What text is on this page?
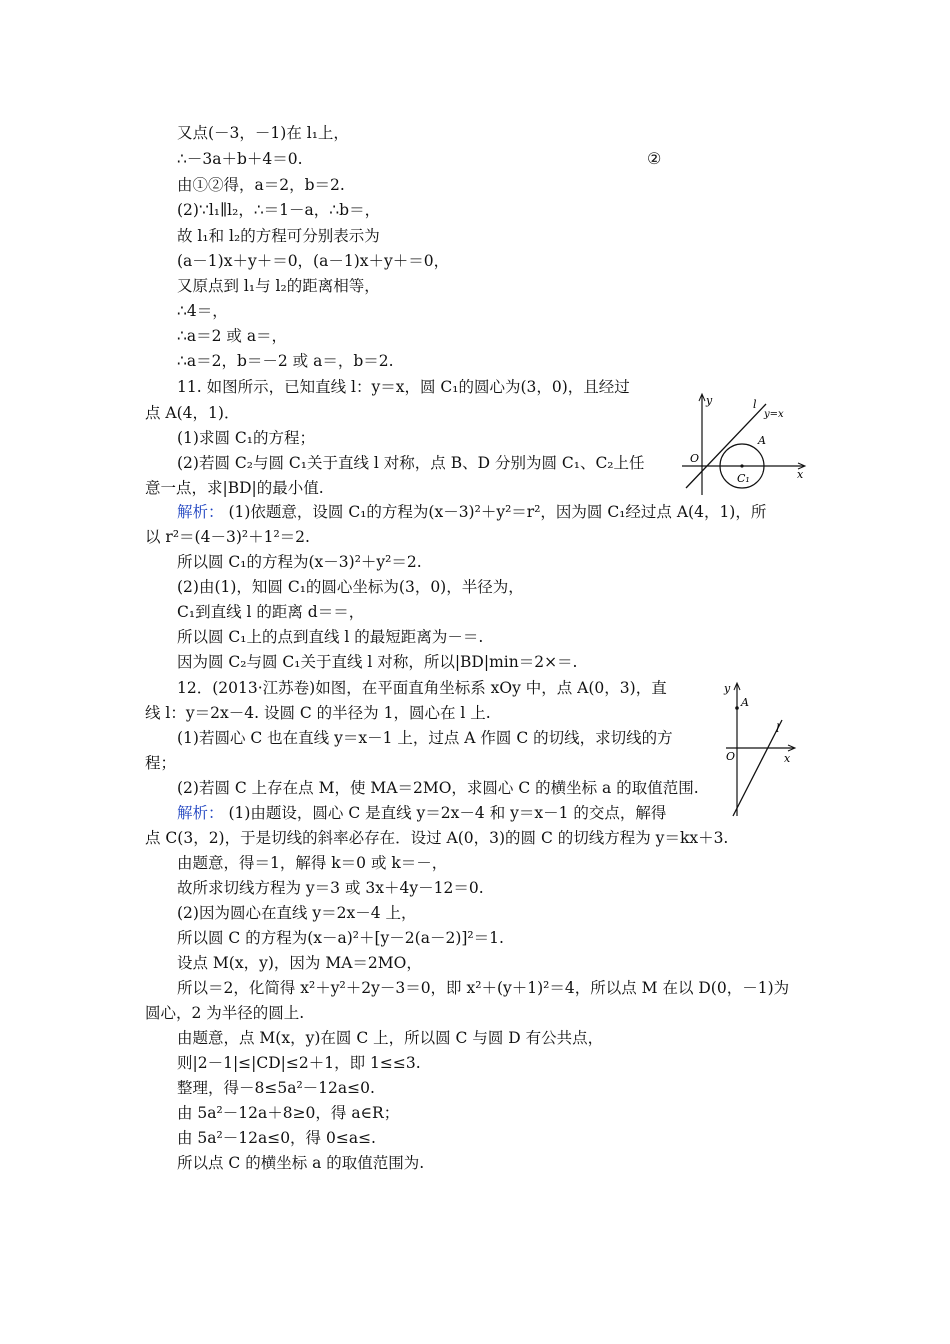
又点(－3，－1)在 l₁上，
∴－3a＋b＋4＝0.	②
由①②得，a＝2，b＝2.
(2)∵l₁∥l₂，∴＝1－a，∴b＝，
故 l₁和 l₂的方程可分别表示为
(a－1)x＋y＋＝0，(a－1)x＋y＋＝0，
又原点到 l₁与 l₂的距离相等，
∴4＝，
∴a＝2 或 a＝，
∴a＝2，b＝－2 或 a＝，b＝2.
11. 如图所示，已知直线 l：y＝x，圆 C₁的圆心为(3，0)，且经过
点 A(4，1)．
(1)求圆 C₁的方程；
(2)若圆 C₂与圆 C₁关于直线 l 对称，点 B、D 分别为圆 C₁、C₂上任
意一点，求|BD|的最小值.
解析： (1)依题意，设圆 C₁的方程为(x－3)²＋y²＝r²，因为圆 C₁经过点 A(4，1)，所
以 r²＝(4－3)²＋1²＝2.
所以圆 C₁的方程为(x－3)²＋y²＝2.
(2)由(1)，知圆 C₁的圆心坐标为(3，0)，半径为，
C₁到直线 l 的距离 d＝＝，
所以圆 C₁上的点到直线 l 的最短距离为－＝.
因为圆 C₂与圆 C₁关于直线 l 对称，所以|BD|min＝2×＝.
12．(2013·江苏卷)如图，在平面直角坐标系 xOy 中，点 A(0，3)，直
线 l：y＝2x－4. 设圆 C 的半径为 1，圆心在 l 上.
(1)若圆心 C 也在直线 y＝x－1 上，过点 A 作圆 C 的切线，求切线的方
程；
(2)若圆 C 上存在点 M，使 MA＝2MO，求圆心 C 的横坐标 a 的取值范围.
解析： (1)由题设，圆心 C 是直线 y＝2x－4 和 y＝x－1 的交点，解得
点 C(3，2)，于是切线的斜率必存在．设过 A(0，3)的圆 C 的切线方程为 y＝kx＋3.
由题意，得＝1，解得 k＝0 或 k＝－，
故所求切线方程为 y＝3 或 3x＋4y－12＝0.
(2)因为圆心在直线 y＝2x－4 上，
所以圆 C 的方程为(x－a)²＋[y－2(a－2)]²＝1.
设点 M(x，y)，因为 MA＝2MO，
所以＝2，化简得 x²＋y²＋2y－3＝0，即 x²＋(y＋1)²＝4，所以点 M 在以 D(0，－1)为
圆心，2 为半径的圆上.
由题意，点 M(x，y)在圆 C 上，所以圆 C 与圆 D 有公共点，
则|2－1|≤|CD|≤2＋1，即 1≤≤3.
整理，得－8≤5a²－12a≤0.
由 5a²－12a＋8≥0，得 a∈R；
由 5a²－12a≤0，得 0≤a≤.
所以点 C 的横坐标 a 的取值范围为.
y
x
l
y=x
A
O
C₁
y
x
A
O
l
